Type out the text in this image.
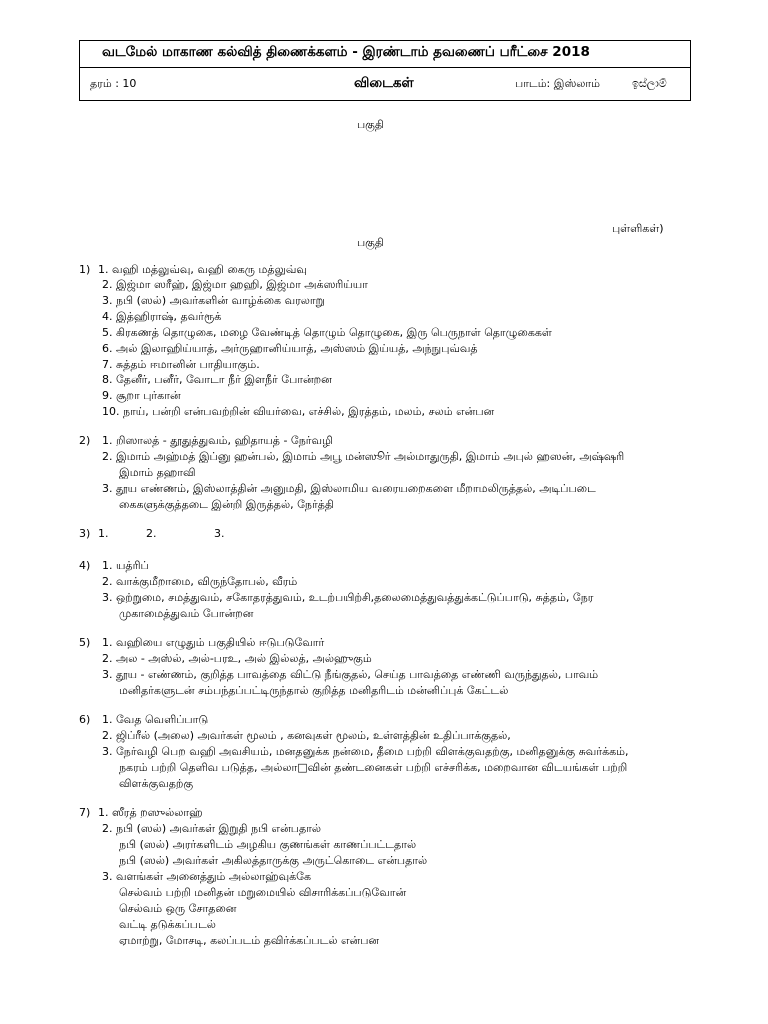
வடமேல் மாகாண கல்வித் திணைக்களம் - இரண்டாம் தவணைப் பரீட்சை 2018
தரம் : 10	விடைகள்	பாடம்: இஸ்லாம்	ඉස්ලාම්
பகுதி
புள்ளிகள்)
பகுதி
1) 1. வஹி மத்லுவ்வு, வஹி கைரு மத்லுவ்வு
2. இஜ்மா ஸரீஹ், இஜ்மா ஹஹி, இஜ்மா அக்ஸரிய்யா
3. நபி (ஸல்) அவர்களின் வாழ்க்கை வரலாறு
4. இத்ஹிராஷ், தவர்ரூக்
5. கிரகணத் தொழுகை, மழை வேண்டித் தொழும் தொழுகை, இரு பெருநாள் தொழுகைகள்
6. அல் இலாஹிய்யாத், அர்ருஹானிய்யாத், அஸ்ஸம் இய்யத், அந்நுபுவ்வத்
7. சுத்தம் ஈமானின் பாதியாகும்.
8. தேனீர், பனீர், வோடா நீர் இளநீர் போன்றன
9. சூறா புர்கான்
10. நாய், பன்றி என்பவற்றின் வியர்வை, எச்சில், இரத்தம், மலம், சலம் என்பன
2) 1. றிஸாலத் - தூதுத்துவம், ஹிதாயத் - நேர்வழி
2. இமாம் அஹ்மத் இப்னு ஹன்பல், இமாம் அபூ மன்ஸூர் அல்மாதுருதி, இமாம் அபுல் ஹஸன், அஷ்ஷரி
இமாம் தஹாவி
3. தூய எண்ணம், இஸ்லாத்தின் அனுமதி, இஸ்லாமிய வரையறைகளை மீறாமலிருத்தல், அடிப்படை
கைகளுக்குத்தடை இன்றி இருத்தல், நேர்த்தி
3) 1.	2.	3.
4) 1. யத்ரிப்
2. வாக்குமீறாமை, விருந்தோபல், வீரம்
3. ஒற்றுமை, சமத்துவம், சகோதரத்துவம், உடற்பயிற்சி,தலைமைத்துவத்துக்கட்டுப்பாடு, சுத்தம், நேர
முகாமைத்துவம் போன்றன
5) 1. வஹியை எழுதும் பகுதியில் ஈடுபடுவோர்
2. அல - அஸ்ல், அல்-பரஉ, அல் இல்லத், அல்ஹுகும்
3. தூய - எண்ணம், குறித்த பாவத்தை விட்டு நீங்குதல், செய்த பாவத்தை எண்ணி வருந்துதல், பாவம்
மனிதர்களுடன் சம்பந்தப்பட்டிருந்தால் குறித்த மனிதரிடம் மன்னிப்புக் கேட்டல்
6) 1. வேத வெளிப்பாடு
2. ஜிப்ரீல் (அலை) அவர்கள் மூலம் , கனவுகள் மூலம், உள்ளத்தின் உதிப்பாக்குதல்,
3. நேர்வழி பெற வஹி அவசியம், மனதனுக்க நன்மை, தீமை பற்றி விளக்குவதற்கு, மனிதனுக்கு சுவர்க்கம்,
நகரம் பற்றி தெளிவ படுத்த, அல்லா□வின் தண்டனைகள் பற்றி எச்சரிக்க, மறைவான விடயங்கள் பற்றி
விளக்குவதற்கு
7) 1. ஸீரத் றஸுல்லாஹ்
2. நபி (ஸல்) அவர்கள் இறுதி நபி என்பதால்
நபி (ஸல்) அரர்களிடம் அழகிய குணங்கள் காணப்பட்டதால்
நபி (ஸல்) அவர்கள் அகிலத்தாருக்கு அருட்கொடை என்பதால்
3. வளங்கள் அனைத்தும் அல்லாஹ்வுக்கே
செல்வம் பற்றி மனிதன் மறுமையில் விசாரிக்கப்படுவோன்
செல்வம் ஒரு சோதனை
வட்டி தடுக்கப்படல்
ஏமாற்று, மோசடி, கலப்படம் தவிர்க்கப்படல் என்பன
